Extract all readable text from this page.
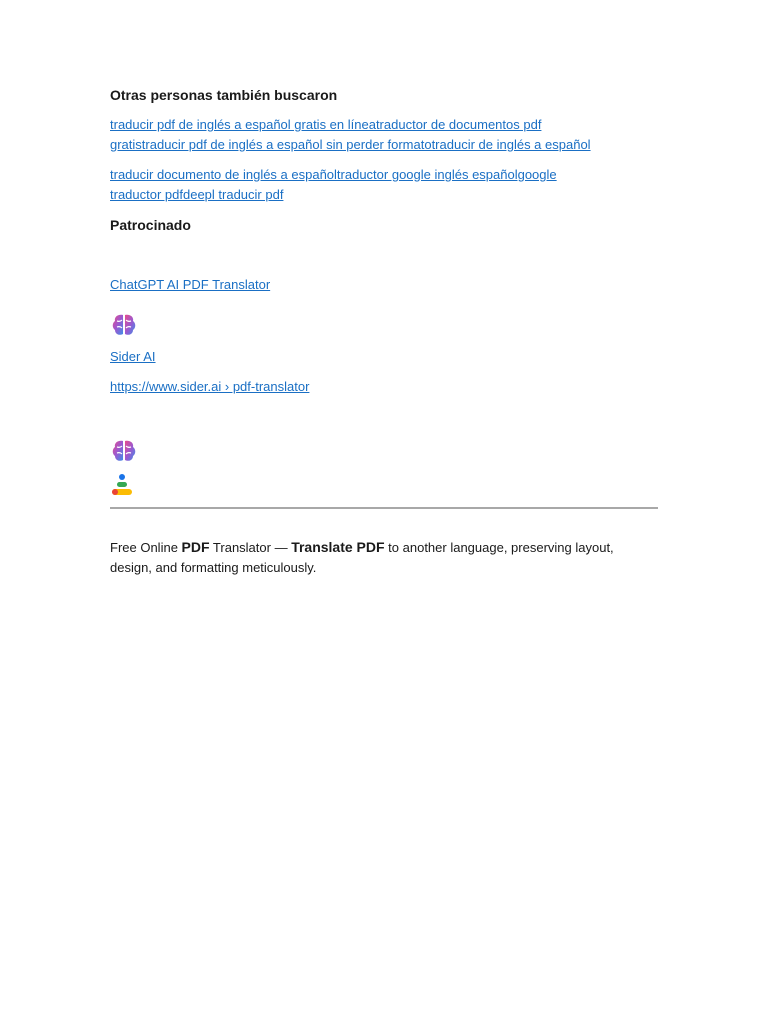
Otras personas también buscaron

traducir pdf de inglés a español gratis en líneatraductor de documentos pdf
gratistraducir pdf de inglés a español sin perder formatotraducir de inglés a español
traducir documento de inglés a españoltraductor google inglés españolgoogle
traductor pdfdeepl traducir pdf

Patrocinado

ChatGPT AI PDF Translator
Sider AI
https://www.sider.ai › pdf-translator
Free Online PDF Translator — Translate PDF to another language, preserving layout, design, and formatting meticulously.
